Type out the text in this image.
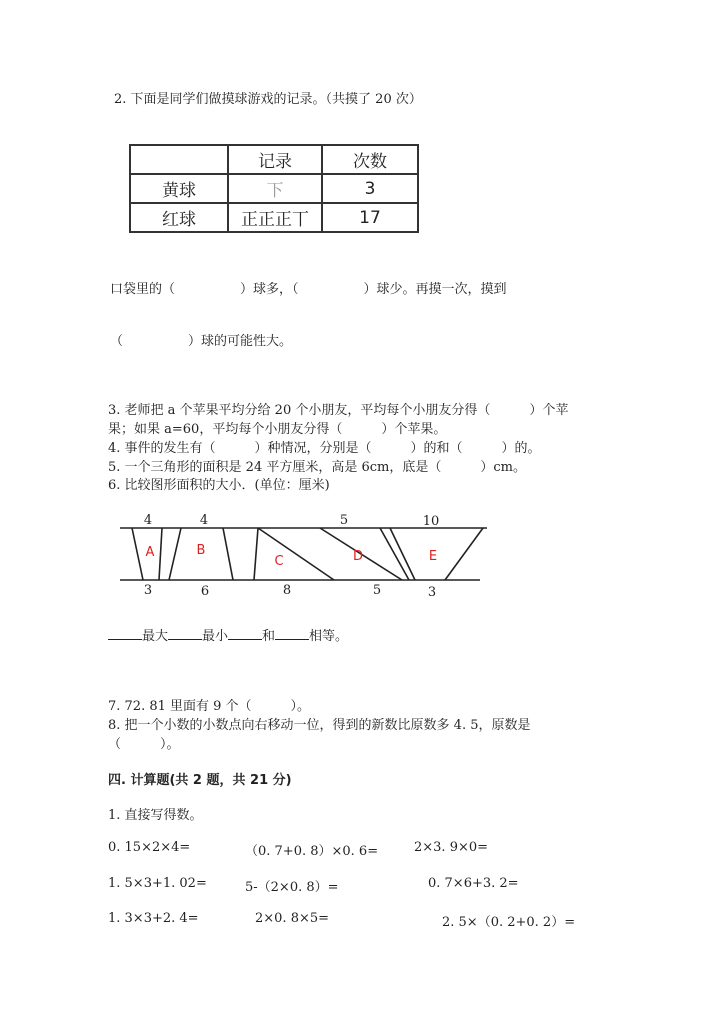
2. 下面是同学们做摸球游戏的记录。（共摸了 20 次）
	记录	次数
黄球	下	3
红球	正正正丅	17
口袋里的（　　　　　）球多，（　　　　　）球少。再摸一次，摸到
（　　　　　）球的可能性大。
3. 老师把 a 个苹果平均分给 20 个小朋友，平均每个小朋友分得（　　　）个苹
果；如果 a=60，平均每个小朋友分得（　　　）个苹果。
4. 事件的发生有（　　　）种情况，分别是（　　　）的和（　　　）的。
5. 一个三角形的面积是 24 平方厘米，高是 6cm，底是（　　　）cm。
6. 比较图形面积的大小．(单位：厘米)
4	4	5	10
3	6	8	5	3
A	B
C	D	E
最大	最小	和	相等。
7. 72. 81 里面有 9 个（　　　）。
8. 把一个小数的小数点向右移动一位，得到的新数比原数多 4. 5，原数是
（　　　）。
四. 计算题(共 2 题，共 21 分)
1. 直接写得数。
0. 15×2×4=	（0. 7+0. 8）×0. 6=	2×3. 9×0=
1. 5×3+1. 02=	5-（2×0. 8）=	0. 7×6+3. 2=
1. 3×3+2. 4=	2×0. 8×5=	2. 5×（0. 2+0. 2）=
